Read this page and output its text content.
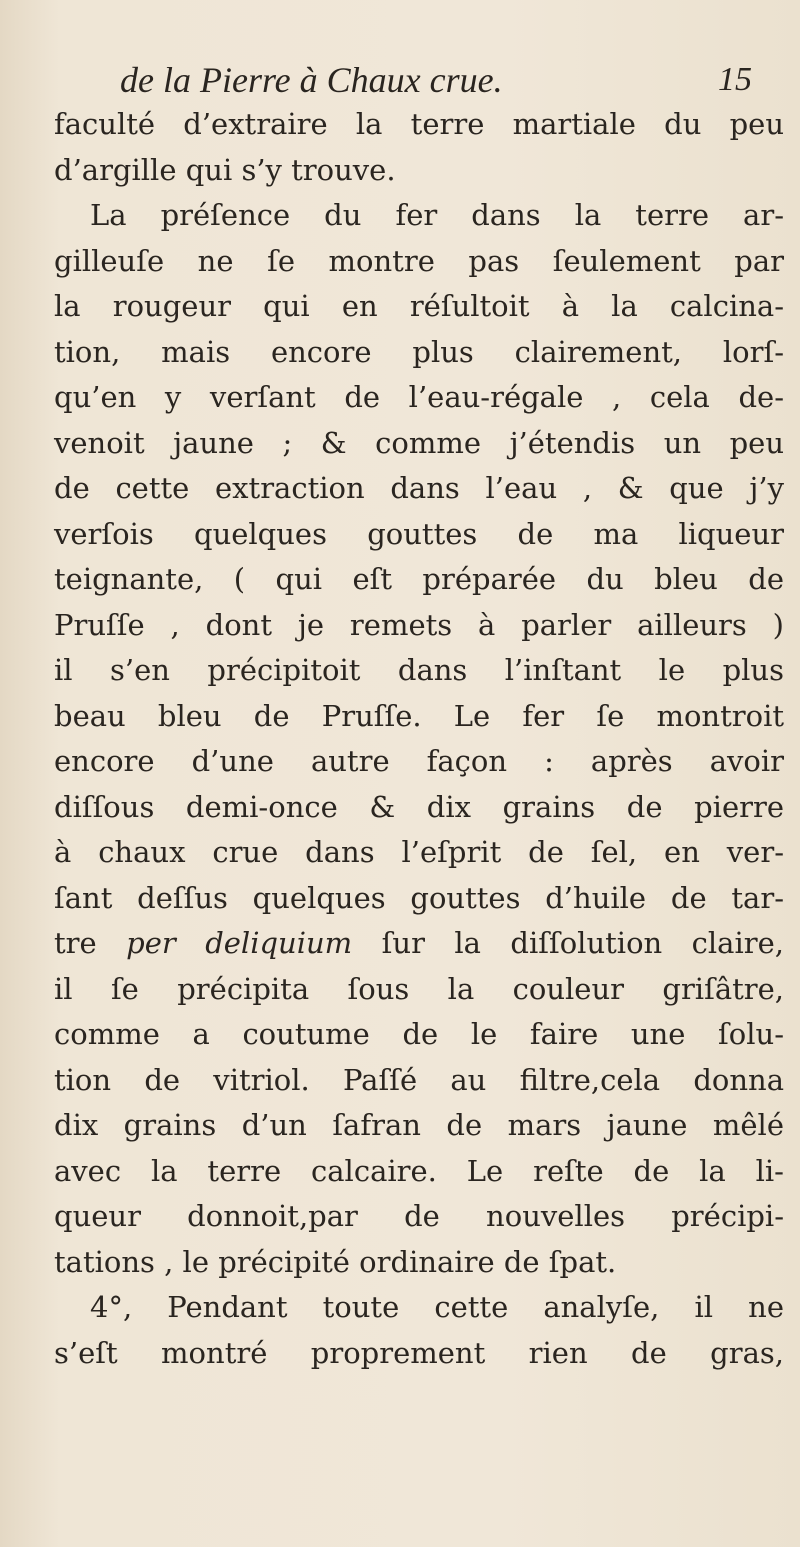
de la Pierre à Chaux crue.	15
faculté d’extraire la terre martiale du peu
d’argille qui s’y trouve.
La préſence du fer dans la terre ar-
gilleuſe ne ſe montre pas ſeulement par
la rougeur qui en réſultoit à la calcina-
tion, mais encore plus clairement, lorſ-
qu’en y verſant de l’eau-régale , cela de-
venoit jaune ; & comme j’étendis un peu
de cette extraction dans l’eau , & que j’y
verſois quelques gouttes de ma liqueur
teignante, ( qui eſt préparée du bleu de
Pruſſe , dont je remets à parler ailleurs )
il s’en précipitoit dans l’inſtant le plus
beau bleu de Pruſſe. Le fer ſe montroit
encore d’une autre façon : après avoir
diſſous demi-once & dix grains de pierre
à chaux crue dans l’eſprit de ſel, en ver-
ſant deſſus quelques gouttes d’huile de tar-
tre per deliquium ſur la diſſolution claire,
il ſe précipita ſous la couleur griſâtre,
comme a coutume de le faire une ſolu-
tion de vitriol. Paſſé au filtre,cela donna
dix grains d’un ſafran de mars jaune mêlé
avec la terre calcaire. Le reſte de la li-
queur donnoit,par de nouvelles précipi-
tations , le précipité ordinaire de ſpat.
4°, Pendant toute cette analyſe, il ne
s’eſt montré proprement rien de gras,
